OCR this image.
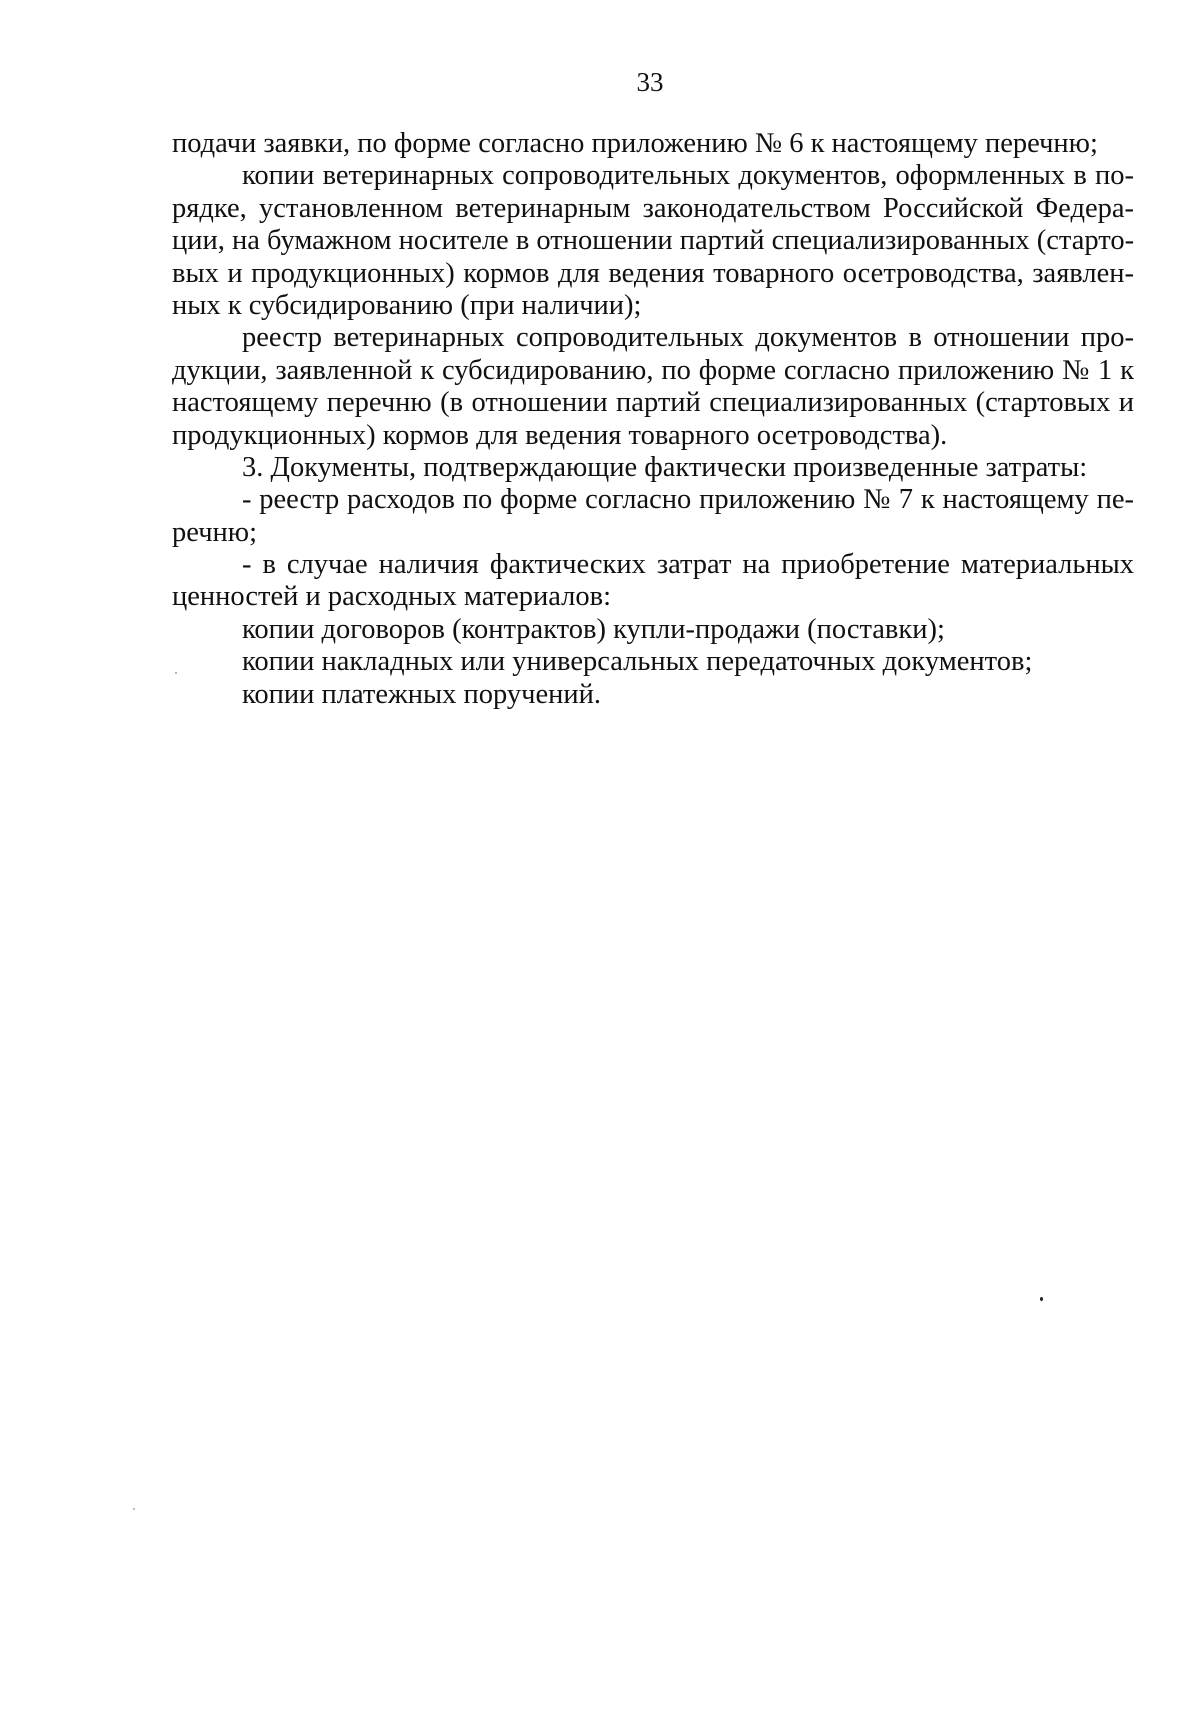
33
подачи заявки, по форме согласно приложению № 6 к настоящему перечню;
копии ветеринарных сопроводительных документов, оформленных в по-
рядке, установленном ветеринарным законодательством Российской Федера-
ции, на бумажном носителе в отношении партий специализированных (старто-
вых и продукционных) кормов для ведения товарного осетроводства, заявлен-
ных к субсидированию (при наличии);
реестр ветеринарных сопроводительных документов в отношении про-
дукции, заявленной к субсидированию, по форме согласно приложению № 1 к
настоящему перечню (в отношении партий специализированных (стартовых и
продукционных) кормов для ведения товарного осетроводства).
3. Документы, подтверждающие фактически произведенные затраты:
- реестр расходов по форме согласно приложению № 7 к настоящему пе-
речню;
- в случае наличия фактических затрат на приобретение материальных
ценностей и расходных материалов:
копии договоров (контрактов) купли-продажи (поставки);
копии накладных или универсальных передаточных документов;
копии платежных поручений.
